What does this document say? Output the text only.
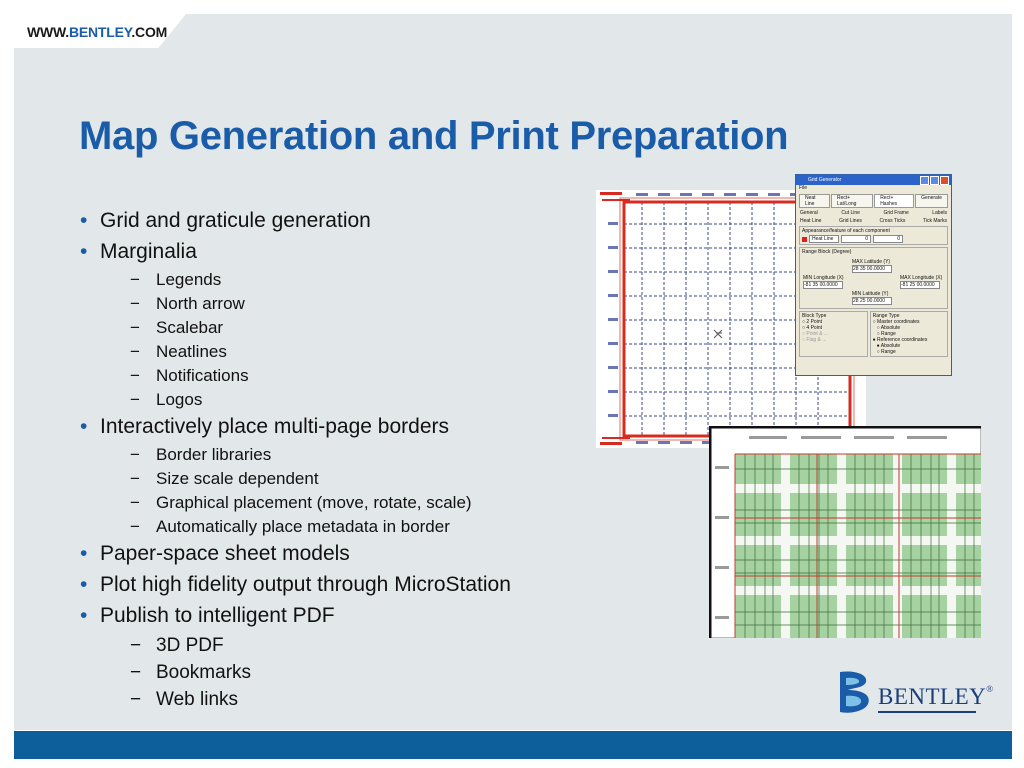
WWW.BENTLEY.COM
Map Generation and Print Preparation
• Grid and graticule generation
• Marginalia
− Legends
− North arrow
− Scalebar
− Neatlines
− Notifications
− Logos
• Interactively place multi-page borders
− Border libraries
− Size scale dependent
− Graphical placement (move, rotate, scale)
− Automatically place metadata in border
• Paper-space sheet models
• Plot high fidelity output through MicroStation
• Publish to intelligent PDF
− 3D PDF
− Bookmarks
− Web links
Grid Generator
File
Neat Line
Rect+ Lat/Long
Rect+ Hashes
Generate
General	Cut Line	Grid Frame	Labels
Heat Line	Grid Lines	Cross Ticks	Tick Marks
Appearance/feature of each component
Heat Line	0	0
Range Block (Degree)
MAX Latitude (Y)
28 35 00.0000
MIN Longitude (X)
-81 35 00.0000
MAX Longitude (X)
-81 25 00.0000
MIN Latitude (Y)
28 25 00.0000
Block Type
○ 2 Point
○ 4 Point
○ Point & ...
○ Flag & ...
Range Type
○ Master coordinates
○ Absolute
○ Range
● Reference coordinates
● Absolute
○ Range
BENTLEY®
